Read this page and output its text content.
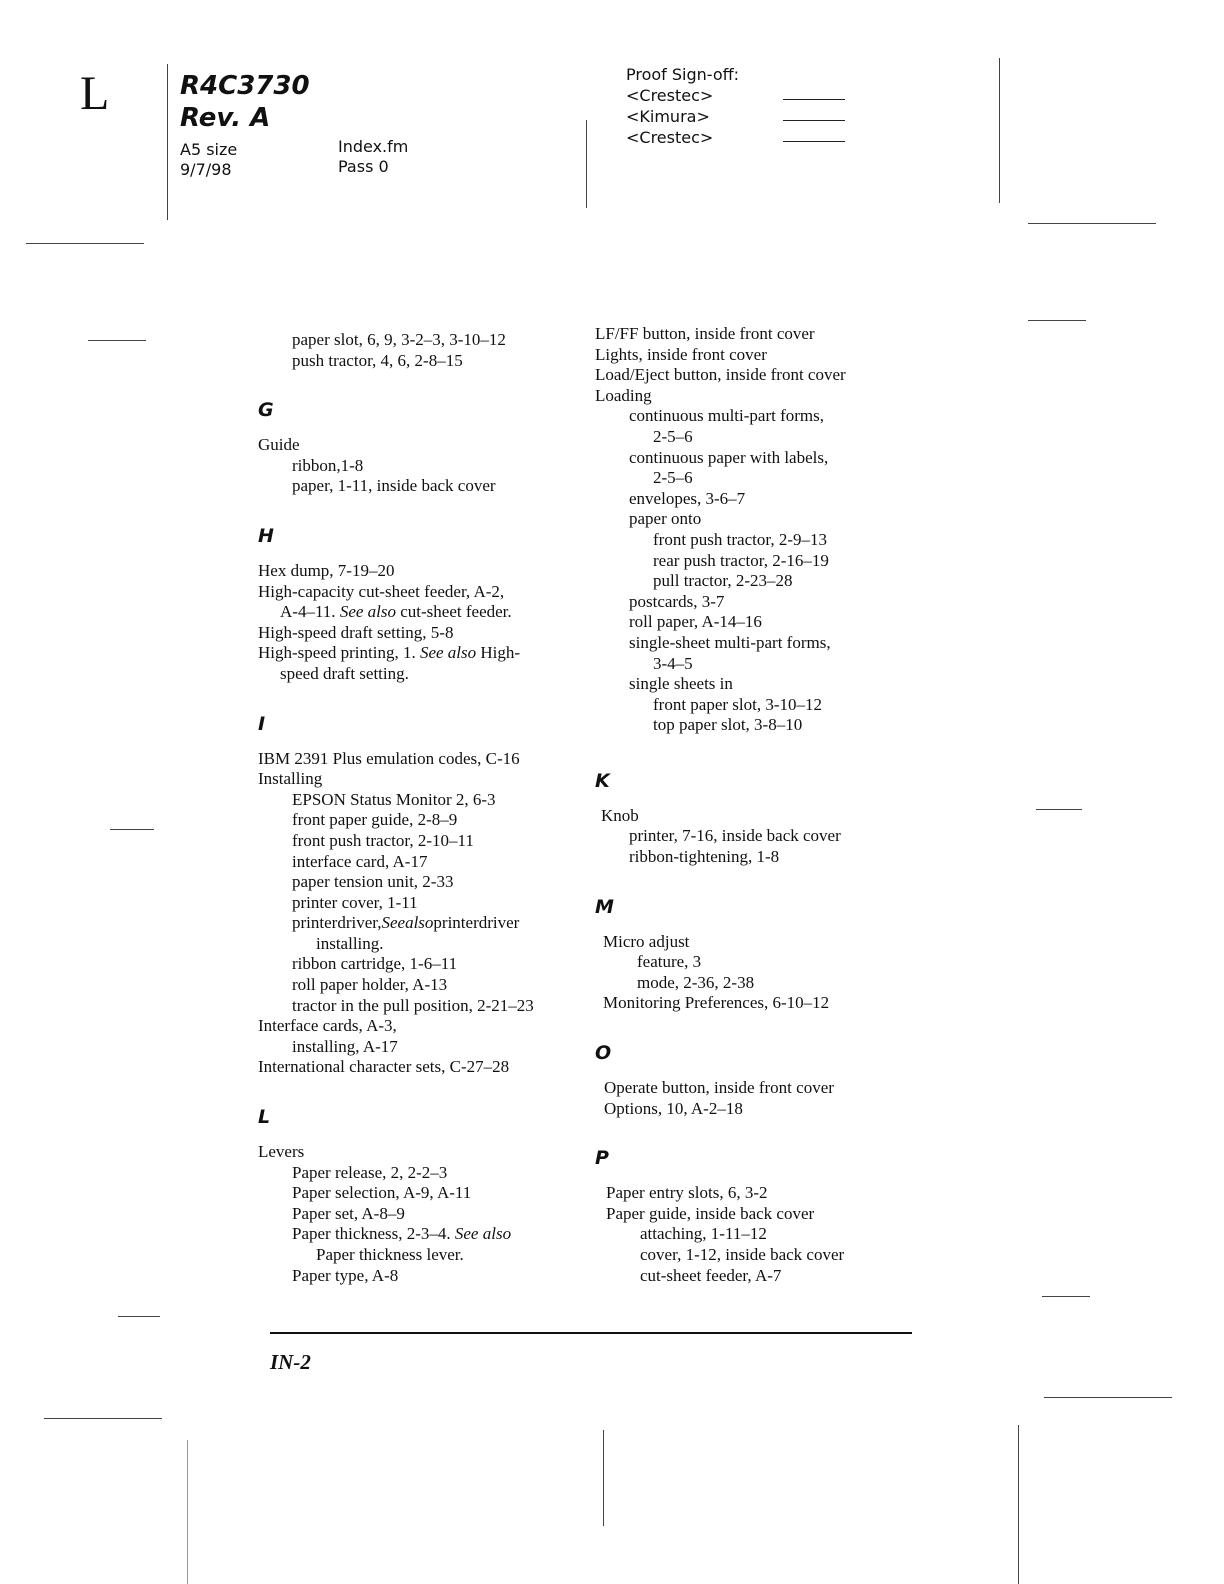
L	R4C3730
Rev. A
A5 size
9/7/98
Index.fm
Pass 0
Proof Sign-off:
<Crestec>
<Kimura>
<Crestec>
paper slot, 6, 9, 3-2–3, 3-10–12
push tractor, 4, 6, 2-8–15
G
Guide
ribbon,1-8
paper, 1-11, inside back cover
H
Hex dump, 7-19–20
High-capacity cut-sheet feeder, A-2,
A-4–11. See also cut-sheet feeder.
High-speed draft setting, 5-8
High-speed printing, 1. See also High-
speed draft setting.
I
IBM 2391 Plus emulation codes, C-16
Installing
EPSON Status Monitor 2, 6-3
front paper guide, 2-8–9
front push tractor, 2-10–11
interface card, A-17
paper tension unit, 2-33
printer cover, 1-11
printerdriver,Seealsoprinterdriver
installing.
ribbon cartridge, 1-6–11
roll paper holder, A-13
tractor in the pull position, 2-21–23
Interface cards, A-3,
installing, A-17
International character sets, C-27–28
L
Levers
Paper release, 2, 2-2–3
Paper selection, A-9, A-11
Paper set, A-8–9
Paper thickness, 2-3–4. See also
Paper thickness lever.
Paper type, A-8
LF/FF button, inside front cover
Lights, inside front cover
Load/Eject button, inside front cover
Loading
continuous multi-part forms,
2-5–6
continuous paper with labels,
2-5–6
envelopes, 3-6–7
paper onto
front push tractor, 2-9–13
rear push tractor, 2-16–19
pull tractor, 2-23–28
postcards, 3-7
roll paper, A-14–16
single-sheet multi-part forms,
3-4–5
single sheets in
front paper slot, 3-10–12
top paper slot, 3-8–10
K
Knob
printer, 7-16, inside back cover
ribbon-tightening, 1-8
M
Micro adjust
feature, 3
mode, 2-36, 2-38
Monitoring Preferences, 6-10–12
O
Operate button, inside front cover
Options, 10, A-2–18
P
Paper entry slots, 6, 3-2
Paper guide, inside back cover
attaching, 1-11–12
cover, 1-12, inside back cover
cut-sheet feeder, A-7
IN-2
